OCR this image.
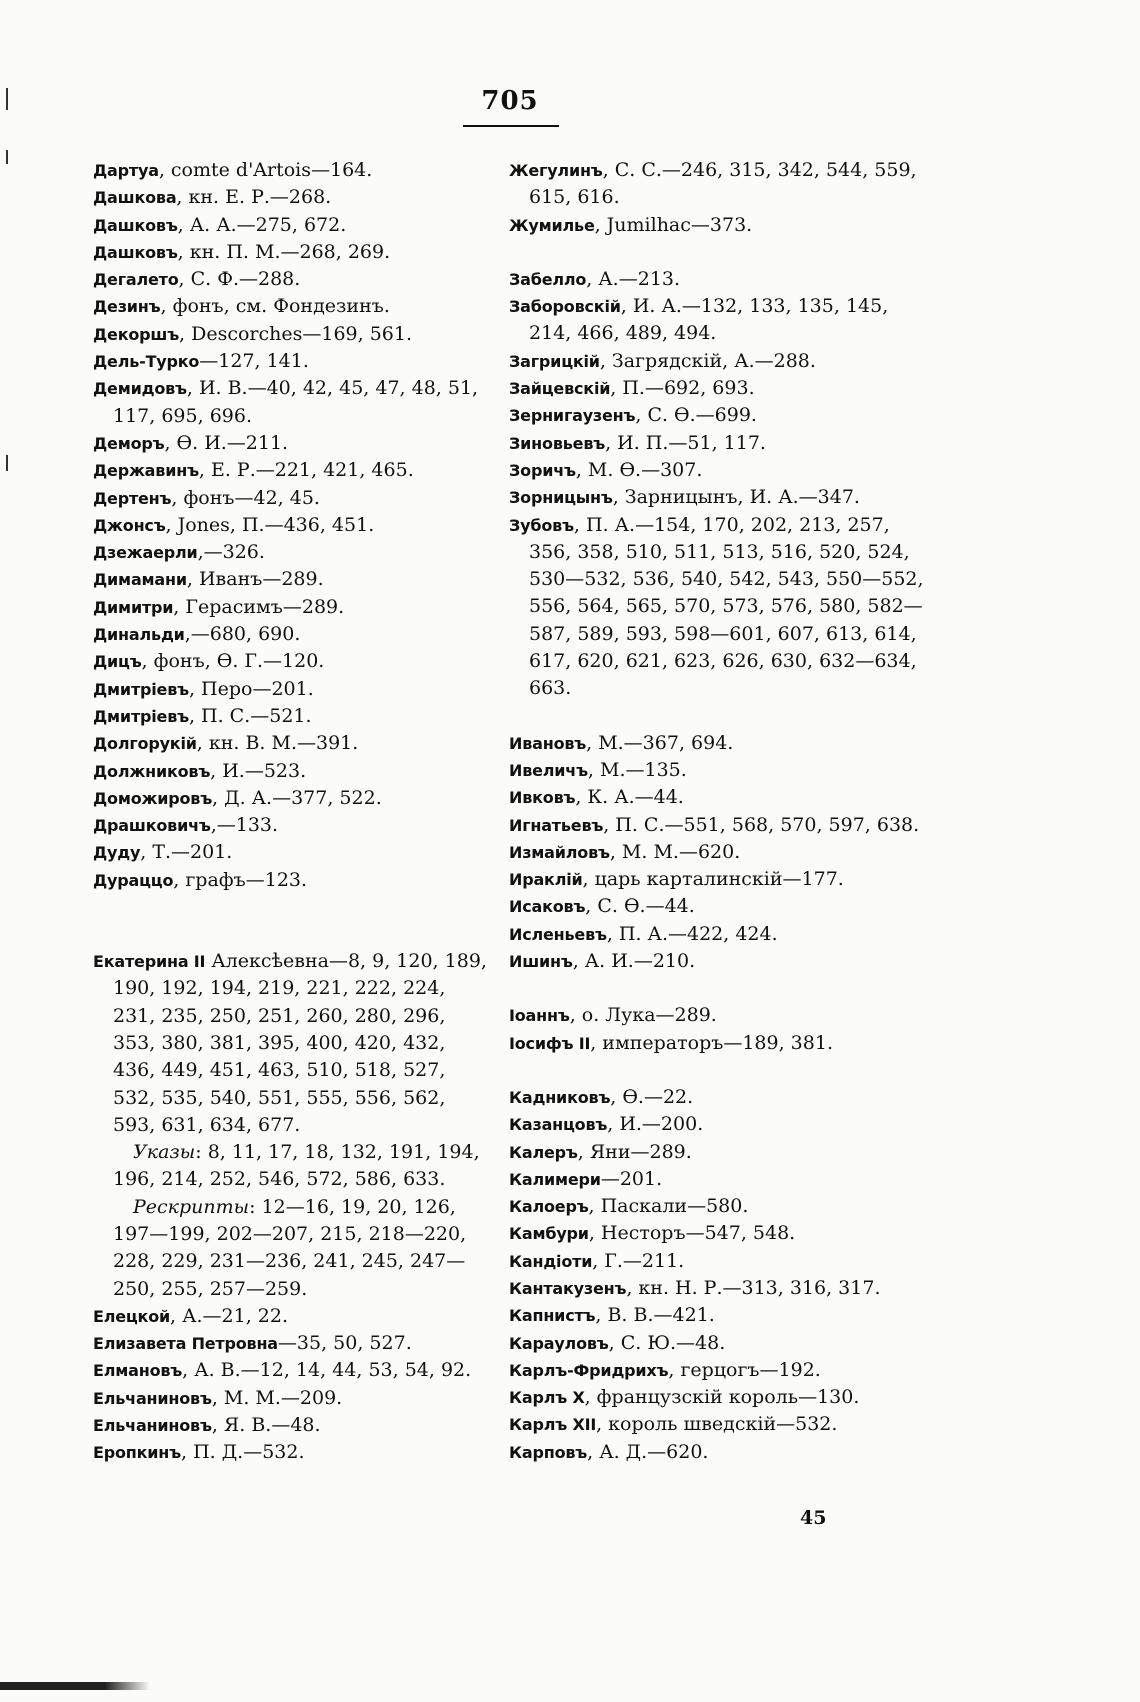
705
Дартуа, comte d'Artois—164.
Дашкова, кн. Е. Р.—268.
Дашковъ, А. А.—275, 672.
Дашковъ, кн. П. М.—268, 269.
Дегалето, С. Ф.—288.
Дезинъ, фонъ, см. Фондезинъ.
Декоршъ, Descorches—169, 561.
Дель-Турко—127, 141.
Демидовъ, И. В.—40, 42, 45, 47, 48, 51, 117, 695, 696.
Деморъ, Ѳ. И.—211.
Державинъ, Е. Р.—221, 421, 465.
Дертенъ, фонъ—42, 45.
Джонсъ, Jones, П.—436, 451.
Дзежаерли,—326.
Димамани, Иванъ—289.
Димитри, Герасимъ—289.
Динальди,—680, 690.
Дицъ, фонъ, Ѳ. Г.—120.
Дмитріевъ, Перо—201.
Дмитріевъ, П. С.—521.
Долгорукій, кн. В. М.—391.
Должниковъ, И.—523.
Доможировъ, Д. А.—377, 522.
Драшковичъ,—133.
Дуду, Т.—201.
Дураццо, графъ—123.
Екатерина II Алексѣевна—8, 9, 120, 189, 190, 192, 194, 219, 221, 222, 224, 231, 235, 250, 251, 260, 280, 296, 353, 380, 381, 395, 400, 420, 432, 436, 449, 451, 463, 510, 518, 527, 532, 535, 540, 551, 555, 556, 562, 593, 631, 634, 677.
Указы: 8, 11, 17, 18, 132, 191, 194, 196, 214, 252, 546, 572, 586, 633.
Рескрипты: 12—16, 19, 20, 126, 197—199, 202—207, 215, 218—220, 228, 229, 231—236, 241, 245, 247—250, 255, 257—259.
Елецкой, А.—21, 22.
Елизавета Петровна—35, 50, 527.
Елмановъ, А. В.—12, 14, 44, 53, 54, 92.
Ельчаниновъ, М. М.—209.
Ельчаниновъ, Я. В.—48.
Еропкинъ, П. Д.—532.
Жегулинъ, С. С.—246, 315, 342, 544, 559, 615, 616.
Жумилье, Jumilhac—373.
Забелло, А.—213.
Заборовскій, И. А.—132, 133, 135, 145, 214, 466, 489, 494.
Загрицкій, Загрядскій, А.—288.
Зайцевскій, П.—692, 693.
Зернигаузенъ, С. Ѳ.—699.
Зиновьевъ, И. П.—51, 117.
Зоричъ, М. Ѳ.—307.
Зорницынъ, Зарницынъ, И. А.—347.
Зубовъ, П. А.—154, 170, 202, 213, 257, 356, 358, 510, 511, 513, 516, 520, 524, 530—532, 536, 540, 542, 543, 550—552, 556, 564, 565, 570, 573, 576, 580, 582—587, 589, 593, 598—601, 607, 613, 614, 617, 620, 621, 623, 626, 630, 632—634, 663.
Ивановъ, М.—367, 694.
Ивеличъ, М.—135.
Ивковъ, К. А.—44.
Игнатьевъ, П. С.—551, 568, 570, 597, 638.
Измайловъ, М. М.—620.
Ираклій, царь карталинскій—177.
Исаковъ, С. Ѳ.—44.
Исленьевъ, П. А.—422, 424.
Ишинъ, А. И.—210.
Іоаннъ, о. Лука—289.
Іосифъ II, императоръ—189, 381.
Кадниковъ, Ѳ.—22.
Казанцовъ, И.—200.
Калеръ, Яни—289.
Калимери—201.
Калоеръ, Паскали—580.
Камбури, Несторъ—547, 548.
Кандіоти, Г.—211.
Кантакузенъ, кн. Н. Р.—313, 316, 317.
Капнистъ, В. В.—421.
Карауловъ, С. Ю.—48.
Карлъ-Фридрихъ, герцогъ—192.
Карлъ X, французскій король—130.
Карлъ XII, король шведскій—532.
Карповъ, А. Д.—620.
45
